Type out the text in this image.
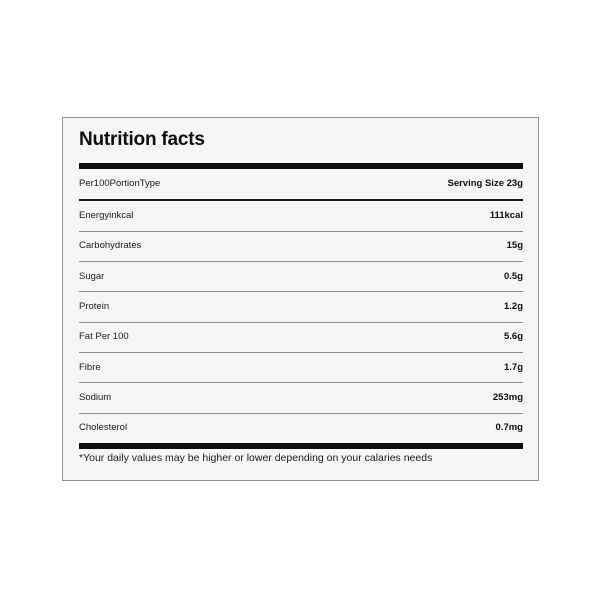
Nutrition facts
Per100PortionType	Serving Size 23g
Energyinkcal	111kcal
Carbohydrates	15g
Sugar	0.5g
Protein	1.2g
Fat Per 100	5.6g
Fibre	1.7g
Sodium	253mg
Cholesterol	0.7mg
*Your daily values may be higher or lower depending on your calaries needs
